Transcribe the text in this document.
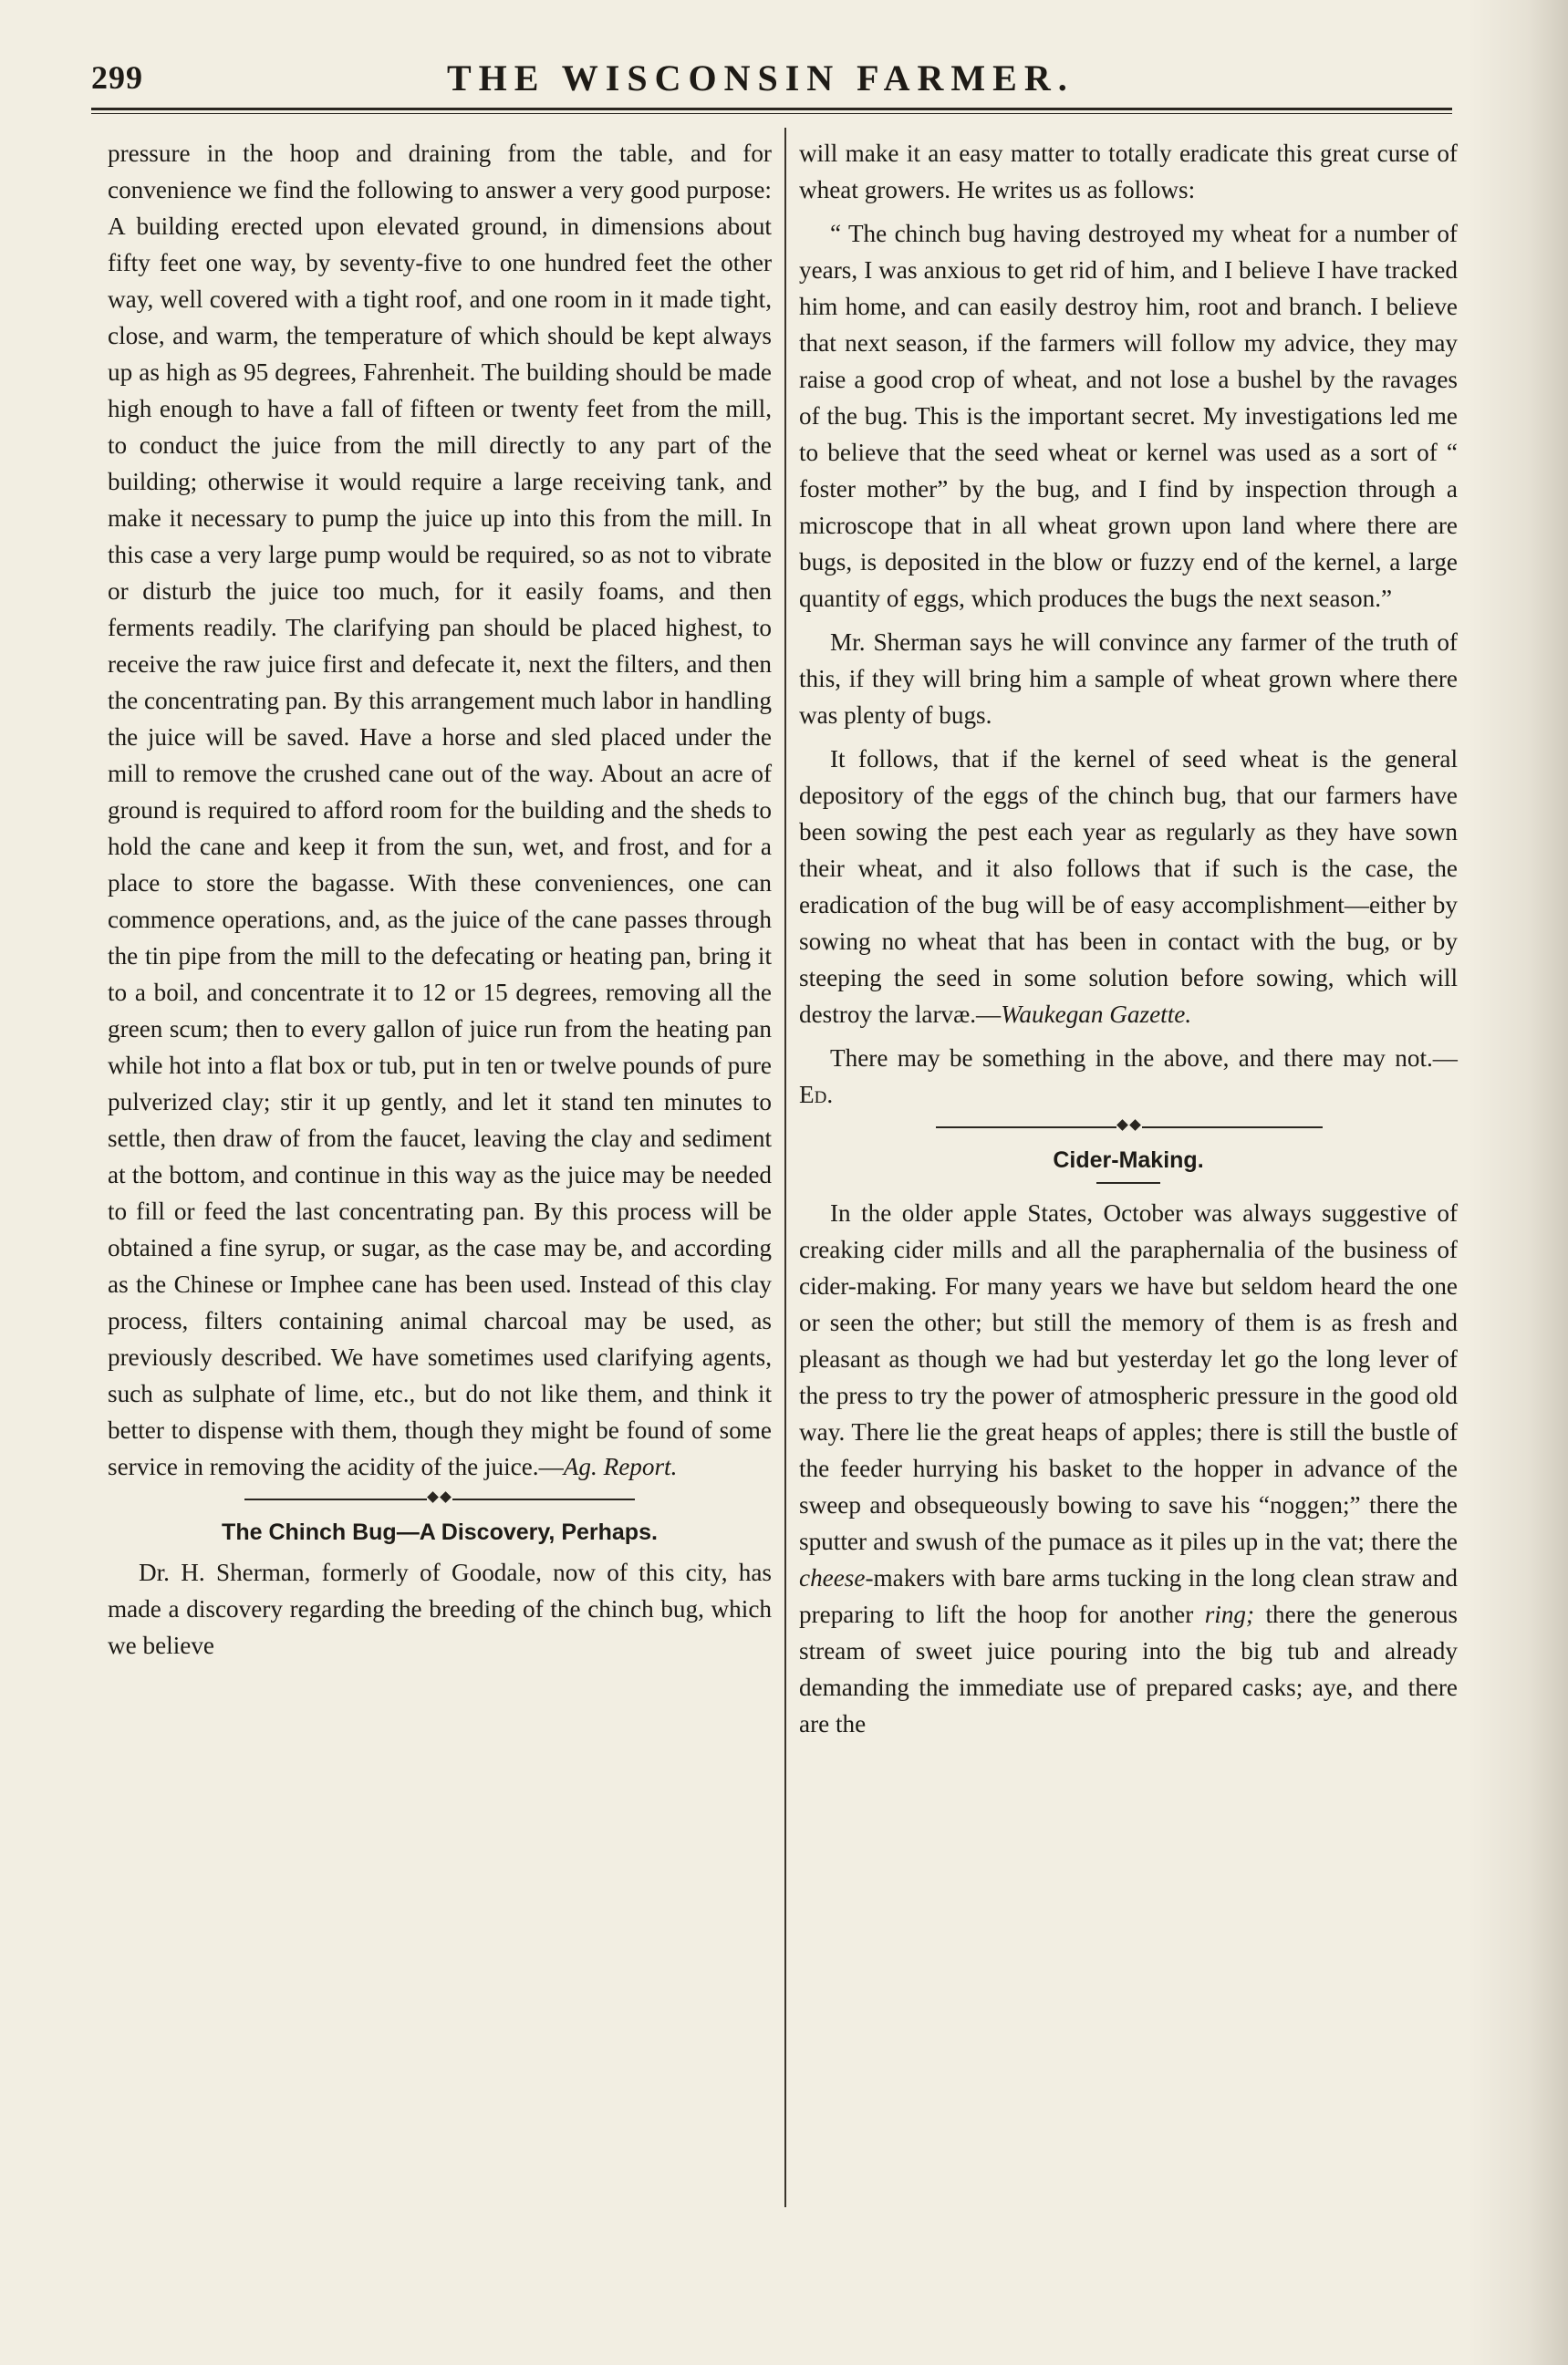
299	THE WISCONSIN FARMER.

pressure in the hoop and draining from the table, and for convenience we find the following to answer a very good purpose: A building erected upon elevated ground, in dimensions about fifty feet one way, by seventy-five to one hundred feet the other way, well covered with a tight roof, and one room in it made tight, close, and warm, the temperature of which should be kept always up as high as 95 degrees, Fahrenheit. The building should be made high enough to have a fall of fifteen or twenty feet from the mill, to conduct the juice from the mill directly to any part of the building; otherwise it would require a large receiving tank, and make it necessary to pump the juice up into this from the mill. In this case a very large pump would be required, so as not to vibrate or disturb the juice too much, for it easily foams, and then ferments readily. The clarifying pan should be placed highest, to receive the raw juice first and defecate it, next the filters, and then the concentrating pan. By this arrangement much labor in handling the juice will be saved. Have a horse and sled placed under the mill to remove the crushed cane out of the way. About an acre of ground is required to afford room for the building and the sheds to hold the cane and keep it from the sun, wet, and frost, and for a place to store the bagasse. With these conveniences, one can commence operations, and, as the juice of the cane passes through the tin pipe from the mill to the defecating or heating pan, bring it to a boil, and concentrate it to 12 or 15 degrees, removing all the green scum; then to every gallon of juice run from the heating pan while hot into a flat box or tub, put in ten or twelve pounds of pure pulverized clay; stir it up gently, and let it stand ten minutes to settle, then draw of from the faucet, leaving the clay and sediment at the bottom, and continue in this way as the juice may be needed to fill or feed the last concentrating pan. By this process will be obtained a fine syrup, or sugar, as the case may be, and according as the Chinese or Imphee cane has been used. Instead of this clay process, filters containing animal charcoal may be used, as previously described. We have sometimes used clarifying agents, such as sulphate of lime, etc., but do not like them, and think it better to dispense with them, though they might be found of some service in removing the acidity of the juice.—Ag. Report.

The Chinch Bug—A Discovery, Perhaps.

Dr. H. Sherman, formerly of Goodale, now of this city, has made a discovery regarding the breeding of the chinch bug, which we believe

will make it an easy matter to totally eradicate this great curse of wheat growers. He writes us as follows:

“ The chinch bug having destroyed my wheat for a number of years, I was anxious to get rid of him, and I believe I have tracked him home, and can easily destroy him, root and branch. I believe that next season, if the farmers will follow my advice, they may raise a good crop of wheat, and not lose a bushel by the ravages of the bug. This is the important secret. My investigations led me to believe that the seed wheat or kernel was used as a sort of “ foster mother” by the bug, and I find by inspection through a microscope that in all wheat grown upon land where there are bugs, is deposited in the blow or fuzzy end of the kernel, a large quantity of eggs, which produces the bugs the next season.”

Mr. Sherman says he will convince any farmer of the truth of this, if they will bring him a sample of wheat grown where there was plenty of bugs.

It follows, that if the kernel of seed wheat is the general depository of the eggs of the chinch bug, that our farmers have been sowing the pest each year as regularly as they have sown their wheat, and it also follows that if such is the case, the eradication of the bug will be of easy accomplishment—either by sowing no wheat that has been in contact with the bug, or by steeping the seed in some solution before sowing, which will destroy the larvæ.—Waukegan Gazette.

There may be something in the above, and there may not.—Ed.

Cider-Making.

In the older apple States, October was always suggestive of creaking cider mills and all the paraphernalia of the business of cider-making. For many years we have but seldom heard the one or seen the other; but still the memory of them is as fresh and pleasant as though we had but yesterday let go the long lever of the press to try the power of atmospheric pressure in the good old way. There lie the great heaps of apples; there is still the bustle of the feeder hurrying his basket to the hopper in advance of the sweep and obsequeously bowing to save his “noggen;” there the sputter and swush of the pumace as it piles up in the vat; there the cheese-makers with bare arms tucking in the long clean straw and preparing to lift the hoop for another ring; there the generous stream of sweet juice pouring into the big tub and already demanding the immediate use of prepared casks; aye, and there are the
